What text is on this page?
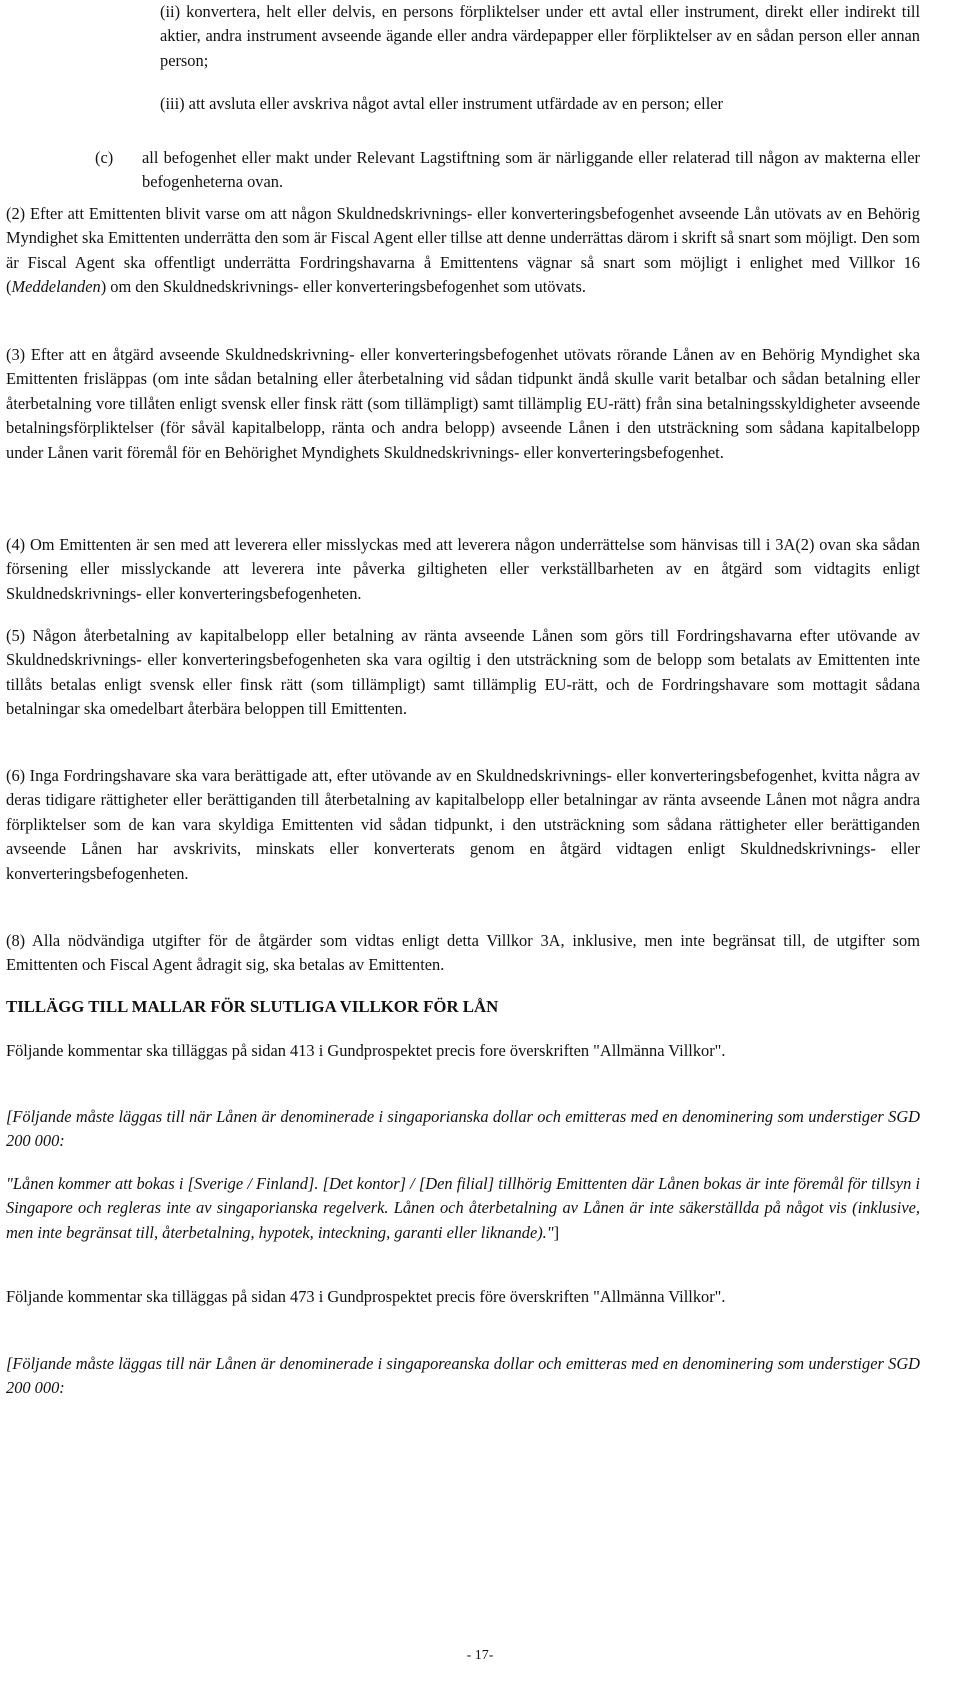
(ii) konvertera, helt eller delvis, en persons förpliktelser under ett avtal eller instrument, direkt eller indirekt till aktier, andra instrument avseende ägande eller andra värdepapper eller förpliktelser av en sådan person eller annan person;
(iii) att avsluta eller avskriva något avtal eller instrument utfärdade av en person; eller
(c) all befogenhet eller makt under Relevant Lagstiftning som är närliggande eller relaterad till någon av makterna eller befogenheterna ovan.
(2) Efter att Emittenten blivit varse om att någon Skuldnedskrivnings- eller konverteringsbefogenhet avseende Lån utövats av en Behörig Myndighet ska Emittenten underrätta den som är Fiscal Agent eller tillse att denne underrättas därom i skrift så snart som möjligt. Den som är Fiscal Agent ska offentligt underrätta Fordringshavarna å Emittentens vägnar så snart som möjligt i enlighet med Villkor 16 (Meddelanden) om den Skuldnedskrivnings- eller konverteringsbefogenhet som utövats.
(3) Efter att en åtgärd avseende Skuldnedskrivning- eller konverteringsbefogenhet utövats rörande Lånen av en Behörig Myndighet ska Emittenten frisläppas (om inte sådan betalning eller återbetalning vid sådan tidpunkt ändå skulle varit betalbar och sådan betalning eller återbetalning vore tillåten enligt svensk eller finsk rätt (som tillämpligt) samt tillämplig EU-rätt) från sina betalningsskyldigheter avseende betalningsförpliktelser (för såväl kapitalbelopp, ränta och andra belopp) avseende Lånen i den utsträckning som sådana kapitalbelopp under Lånen varit föremål för en Behörighet Myndighets Skuldnedskrivnings- eller konverteringsbefogenhet.
(4) Om Emittenten är sen med att leverera eller misslyckas med att leverera någon underrättelse som hänvisas till i 3A(2) ovan ska sådan försening eller misslyckande att leverera inte påverka giltigheten eller verkställbarheten av en åtgärd som vidtagits enligt Skuldnedskrivnings- eller konverteringsbefogenheten.
(5) Någon återbetalning av kapitalbelopp eller betalning av ränta avseende Lånen som görs till Fordringshavarna efter utövande av Skuldnedskrivnings- eller konverteringsbefogenheten ska vara ogiltig i den utsträckning som de belopp som betalats av Emittenten inte tillåts betalas enligt svensk eller finsk rätt (som tillämpligt) samt tillämplig EU-rätt, och de Fordringshavare som mottagit sådana betalningar ska omedelbart återbära beloppen till Emittenten.
(6) Inga Fordringshavare ska vara berättigade att, efter utövande av en Skuldnedskrivnings- eller konverteringsbefogenhet, kvitta några av deras tidigare rättigheter eller berättiganden till återbetalning av kapitalbelopp eller betalningar av ränta avseende Lånen mot några andra förpliktelser som de kan vara skyldiga Emittenten vid sådan tidpunkt, i den utsträckning som sådana rättigheter eller berättiganden avseende Lånen har avskrivits, minskats eller konverterats genom en åtgärd vidtagen enligt Skuldnedskrivnings- eller konverteringsbefogenheten.
(8) Alla nödvändiga utgifter för de åtgärder som vidtas enligt detta Villkor 3A, inklusive, men inte begränsat till, de utgifter som Emittenten och Fiscal Agent ådragit sig, ska betalas av Emittenten.
TILLÄGG TILL MALLAR FÖR SLUTLIGA VILLKOR FÖR LÅN
Följande kommentar ska tilläggas på sidan 413 i Gundprospektet precis fore överskriften "Allmänna Villkor".
[Följande måste läggas till när Lånen är denominerade i singaporianska dollar och emitteras med en denominering som understiger SGD 200 000:
"Lånen kommer att bokas i [Sverige / Finland]. [Det kontor] / [Den filial] tillhörig Emittenten där Lånen bokas är inte föremål för tillsyn i Singapore och regleras inte av singaporianska regelverk. Lånen och återbetalning av Lånen är inte säkerställda på något vis (inklusive, men inte begränsat till, återbetalning, hypotek, inteckning, garanti eller liknande)."]
Följande kommentar ska tilläggas på sidan 473 i Gundprospektet precis före överskriften "Allmänna Villkor".
[Följande måste läggas till när Lånen är denominerade i singaporeanska dollar och emitteras med en denominering som understiger SGD 200 000:
- 17-
